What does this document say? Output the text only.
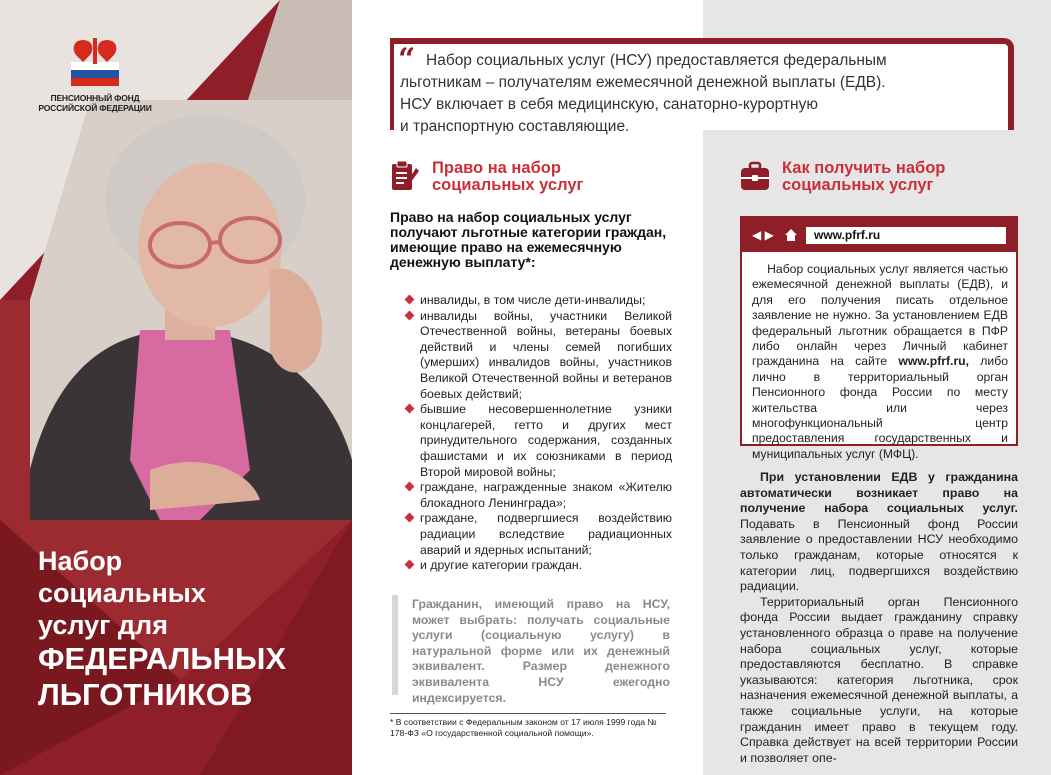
ПЕНСИОННЫЙ ФОНД
РОССИЙСКОЙ ФЕДЕРАЦИИ
Набор
социальных
услуг для
ФЕДЕРАЛЬНЫХ
ЛЬГОТНИКОВ
“ Набор социальных услуг (НСУ) предоставляется федеральным
льготникам – получателям ежемесячной денежной выплаты (ЕДВ).
НСУ включает в себя медицинскую, санаторно-курортную
и транспортную составляющие.
Право на набор
социальных услуг
Право на набор социальных услуг получают льготные категории граждан, имеющие право на ежемесячную денежную выплату*:
инвалиды, в том числе дети-инвалиды;
инвалиды войны, участники Великой Отечественной войны, ветераны боевых действий и члены семей погибших (умерших) инвалидов войны, участников Великой Отечественной войны и ветеранов боевых действий;
бывшие несовершеннолетние узники концлагерей, гетто и других мест принудительного содержания, созданных фашистами и их союзниками в период Второй мировой войны;
граждане, награжденные знаком «Жителю блокадного Ленинграда»;
граждане, подвергшиеся воздействию радиации вследствие радиационных аварий и ядерных испытаний;
и другие категории граждан.
Гражданин, имеющий право на НСУ, может выбрать: получать социальные услуги (социальную услугу) в натуральной форме или их денежный эквивалент. Размер денежного эквивалента НСУ ежегодно индексируется.
* В соответствии с Федеральным законом от 17 июля 1999 года № 178-ФЗ «О государственной социальной помощи».
Как получить набор
социальных услуг
◀ ▶	www.pfrf.ru
Набор социальных услуг является частью ежемесячной денежной выплаты (ЕДВ), и для его получения писать отдельное заявление не нужно. За установлением ЕДВ федеральный льготник обращается в ПФР либо онлайн через Личный кабинет гражданина на сайте www.pfrf.ru, либо лично в территориальный орган Пенсионного фонда России по месту жительства или через многофункциональный центр предоставления государственных и муниципальных услуг (МФЦ).

При установлении ЕДВ у гражданина автоматически возникает право на получение набора социальных услуг. Подавать в Пенсионный фонд России заявление о предоставлении НСУ необходимо только гражданам, которые относятся к категории лиц, подвергшихся воздействию радиации.

Территориальный орган Пенсионного фонда России выдает гражданину справку установленного образца о праве на получение набора социальных услуг, которые предоставляются бесплатно. В справке указываются: категория льготника, срок назначения ежемесячной денежной выплаты, а также социальные услуги, на которые гражданин имеет право в текущем году. Справка действует на всей территории России и позволяет опе-
